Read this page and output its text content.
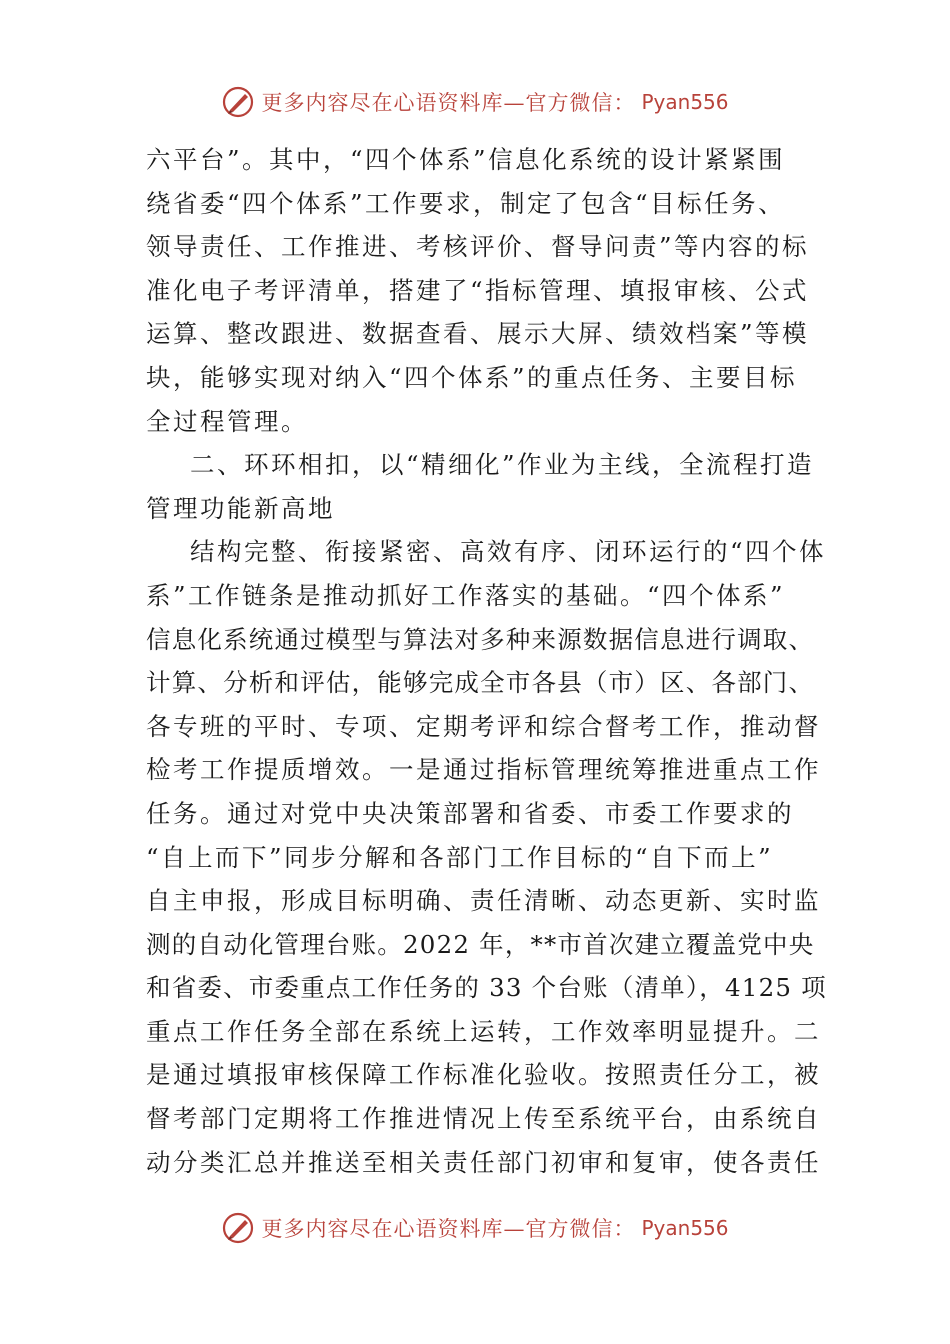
更多内容尽在心语资料库—官方微信： Pyan556
六平台”。其中，“四个体系”信息化系统的设计紧紧围
绕省委“四个体系”工作要求，制定了包含“目标任务、
领导责任、工作推进、考核评价、督导问责”等内容的标
准化电子考评清单，搭建了“指标管理、填报审核、公式
运算、整改跟进、数据查看、展示大屏、绩效档案”等模
块，能够实现对纳入“四个体系”的重点任务、主要目标
全过程管理。
二、环环相扣，以“精细化”作业为主线，全流程打造
管理功能新高地
结构完整、衔接紧密、高效有序、闭环运行的“四个体
系”工作链条是推动抓好工作落实的基础。“四个体系”
信息化系统通过模型与算法对多种来源数据信息进行调取、
计算、分析和评估，能够完成全市各县（市）区、各部门、
各专班的平时、专项、定期考评和综合督考工作，推动督
检考工作提质增效。一是通过指标管理统筹推进重点工作
任务。通过对党中央决策部署和省委、市委工作要求的
“自上而下”同步分解和各部门工作目标的“自下而上”
自主申报，形成目标明确、责任清晰、动态更新、实时监
测的自动化管理台账。2022 年，**市首次建立覆盖党中央
和省委、市委重点工作任务的 33 个台账（清单），4125 项
重点工作任务全部在系统上运转，工作效率明显提升。二
是通过填报审核保障工作标准化验收。按照责任分工，被
督考部门定期将工作推进情况上传至系统平台，由系统自
动分类汇总并推送至相关责任部门初审和复审，使各责任
更多内容尽在心语资料库—官方微信： Pyan556
